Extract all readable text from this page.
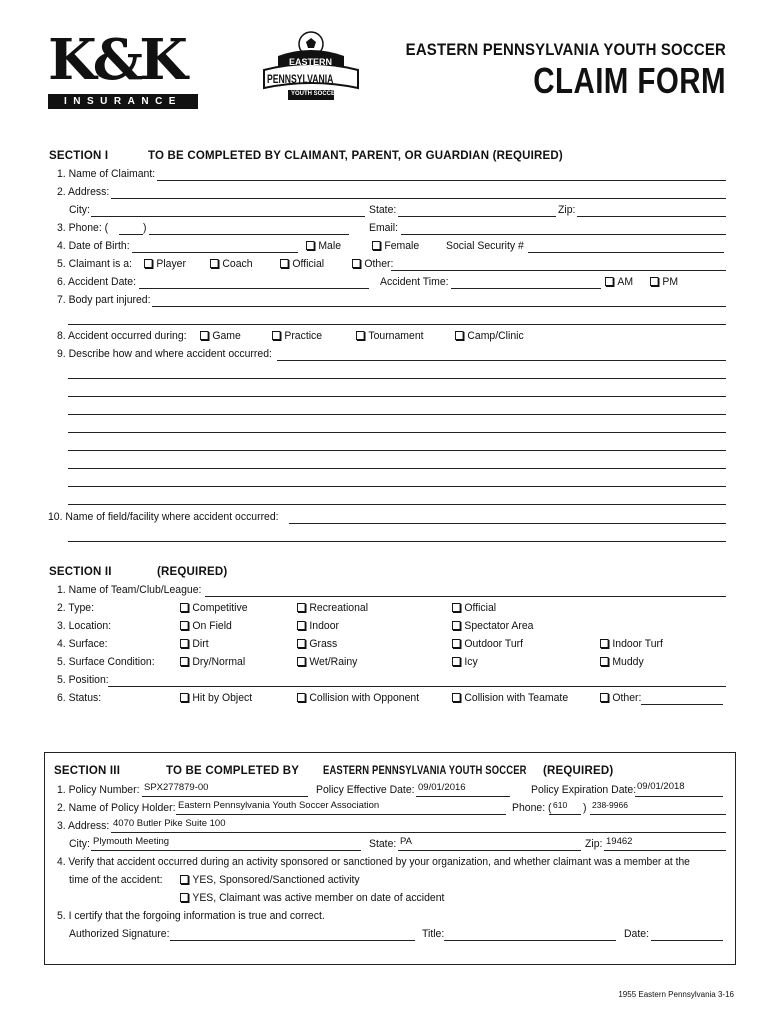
K&K
INSURANCE
EASTERN
PENNSYLVANIA
YOUTH SOCCER
EASTERN PENNSYLVANIA YOUTH SOCCER
CLAIM FORM
SECTION I	TO BE COMPLETED BY CLAIMANT, PARENT, OR GUARDIAN (REQUIRED)
1. Name of Claimant:
2. Address:
City:	State:	Zip:
3. Phone: (	)	Email:
4. Date of Birth:	Male	Female Social Security #
5. Claimant is a:	Player	Coach	Official	Other:
6. Accident Date:	Accident Time:	AM	PM
7. Body part injured:
8. Accident occurred during:	Game	Practice	Tournament	Camp/Clinic
9. Describe how and where accident occurred:
10. Name of field/facility where accident occurred:
SECTION II	(REQUIRED)
1. Name of Team/Club/League:
2. Type:	Competitive	Recreational	Official
3. Location:	On Field	Indoor	Spectator Area
4. Surface:	Dirt	Grass	Outdoor Turf	Indoor Turf
5. Surface Condition:	Dry/Normal	Wet/Rainy	Icy	Muddy
5. Position:
6. Status:	Hit by Object	Collision with Opponent	Collision with Teamate	Other:
SECTION III	TO BE COMPLETED BY EASTERN PENNSYLVANIA YOUTH SOCCER (REQUIRED)
1. Policy Number: SPX277879-00	Policy Effective Date: 09/01/2016	Policy Expiration Date: 09/01/2018
2. Name of Policy Holder: Eastern Pennsylvania Youth Soccer Association	Phone: ( 610 ) 238-9966
3. Address: 4070 Butler Pike Suite 100
City: Plymouth Meeting	State: PA	Zip: 19462
4. Verify that accident occurred during an activity sponsored or sanctioned by your organization, and whether claimant was a member at the
time of the accident:	YES, Sponsored/Sanctioned activity
YES, Claimant was active member on date of accident
5. I certify that the forgoing information is true and correct.
Authorized Signature:	Title:	Date:
1955 Eastern Pennsylvania 3-16
